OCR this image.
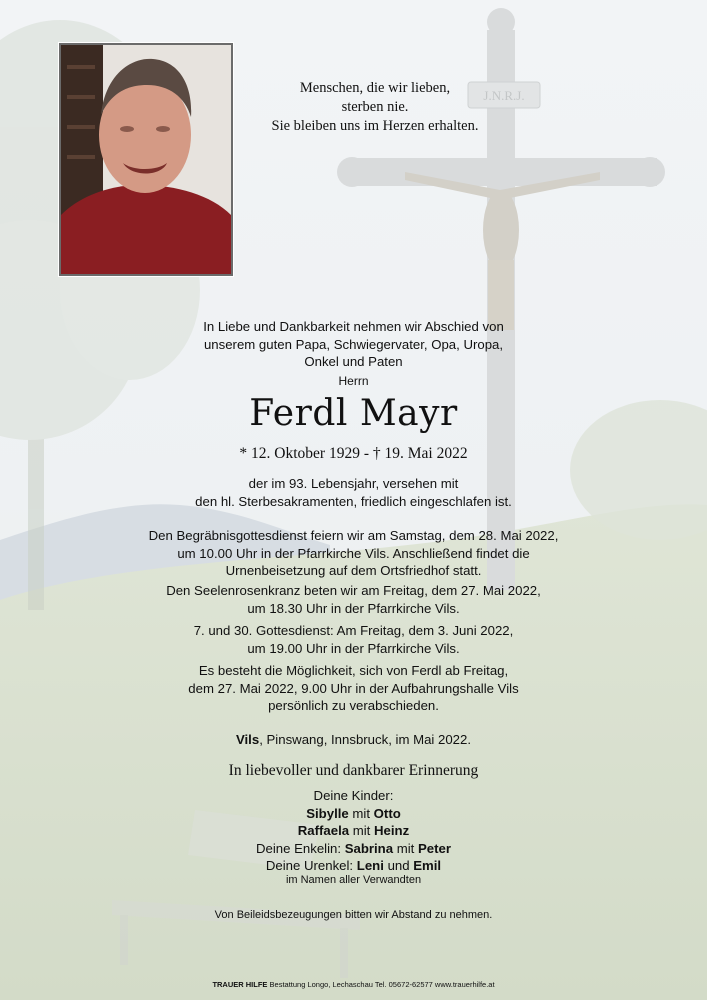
J.N.R.J.
Menschen, die wir lieben,
sterben nie.
Sie bleiben uns im Herzen erhalten.
In Liebe und Dankbarkeit nehmen wir Abschied von
unserem guten Papa, Schwiegervater, Opa, Uropa,
Onkel und Paten
Herrn
Ferdl Mayr
* 12. Oktober 1929 - † 19. Mai 2022
der im 93. Lebensjahr, versehen mit
den hl. Sterbesakramenten, friedlich eingeschlafen ist.
Den Begräbnisgottesdienst feiern wir am Samstag, dem 28. Mai 2022,
um 10.00 Uhr in der Pfarrkirche Vils. Anschließend findet die
Urnenbeisetzung auf dem Ortsfriedhof statt.
Den Seelenrosenkranz beten wir am Freitag, dem 27. Mai 2022,
um 18.30 Uhr in der Pfarrkirche Vils.
7. und 30. Gottesdienst: Am Freitag, dem 3. Juni 2022,
um 19.00 Uhr in der Pfarrkirche Vils.
Es besteht die Möglichkeit, sich von Ferdl ab Freitag,
dem 27. Mai 2022, 9.00 Uhr in der Aufbahrungshalle Vils
persönlich zu verabschieden.
Vils, Pinswang, Innsbruck, im Mai 2022.
In liebevoller und dankbarer Erinnerung
Deine Kinder:
Sibylle mit Otto
Raffaela mit Heinz
Deine Enkelin: Sabrina mit Peter
Deine Urenkel: Leni und Emil
im Namen aller Verwandten
Von Beileidsbezeugungen bitten wir Abstand zu nehmen.
TRAUER HILFE Bestattung Longo, Lechaschau Tel. 05672-62577 www.trauerhilfe.at
